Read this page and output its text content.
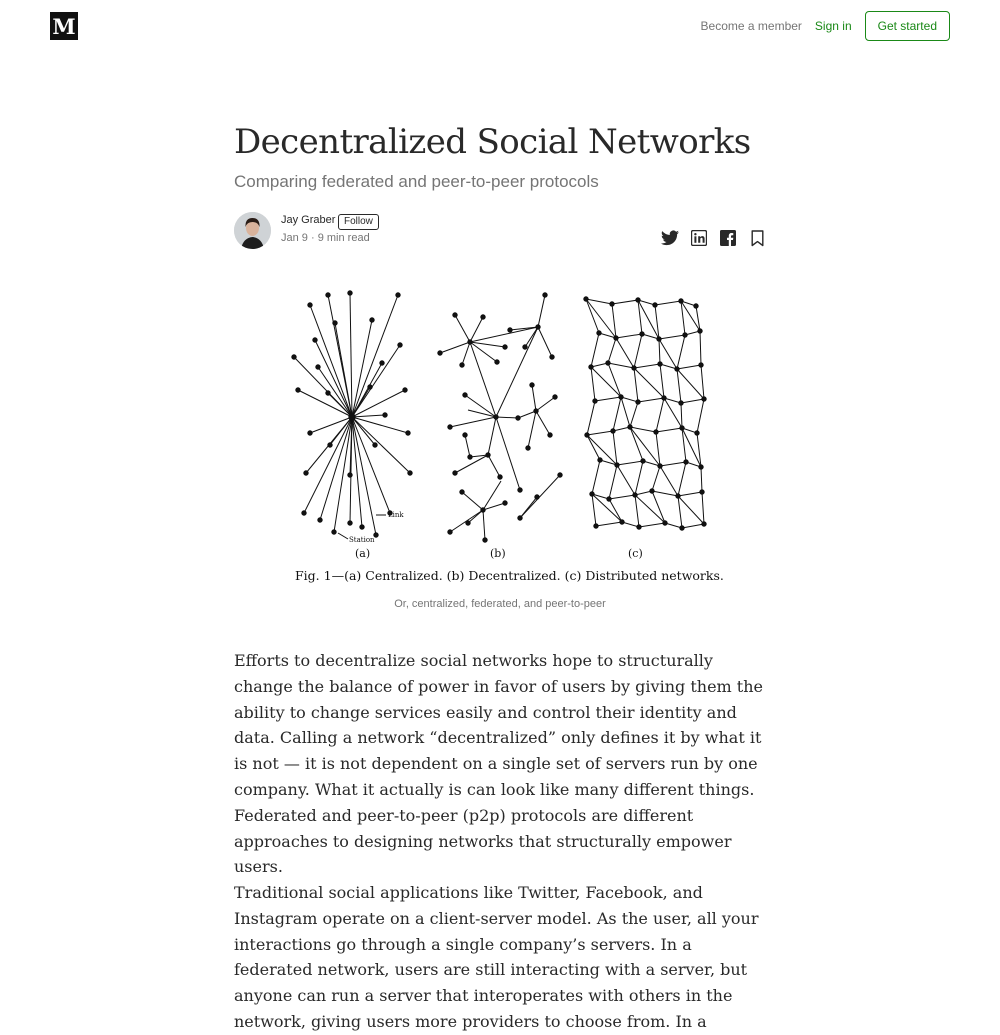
M	Become a member Sign in	Get started
Decentralized Social Networks
Comparing federated and peer-to-peer protocols
Jay Graber Follow
Jan 9 · 9 min read
Link
Station
(a)	(b)	(c)
Fig. 1—(a) Centralized. (b) Decentralized. (c) Distributed networks.
Or, centralized, federated, and peer-to-peer

Efforts to decentralize social networks hope to structurally change the balance of power in favor of users by giving them the ability to change services easily and control their identity and data. Calling a network “decentralized” only defines it by what it is not — it is not dependent on a single set of servers run by one company. What it actually is can look like many different things. Federated and peer-to-peer (p2p) protocols are different approaches to designing networks that structurally empower users.

Traditional social applications like Twitter, Facebook, and Instagram operate on a client-server model. As the user, all your interactions go through a single company’s servers. In a federated network, users are still interacting with a server, but anyone can run a server that interoperates with others in the network, giving users more providers to choose from. In a
